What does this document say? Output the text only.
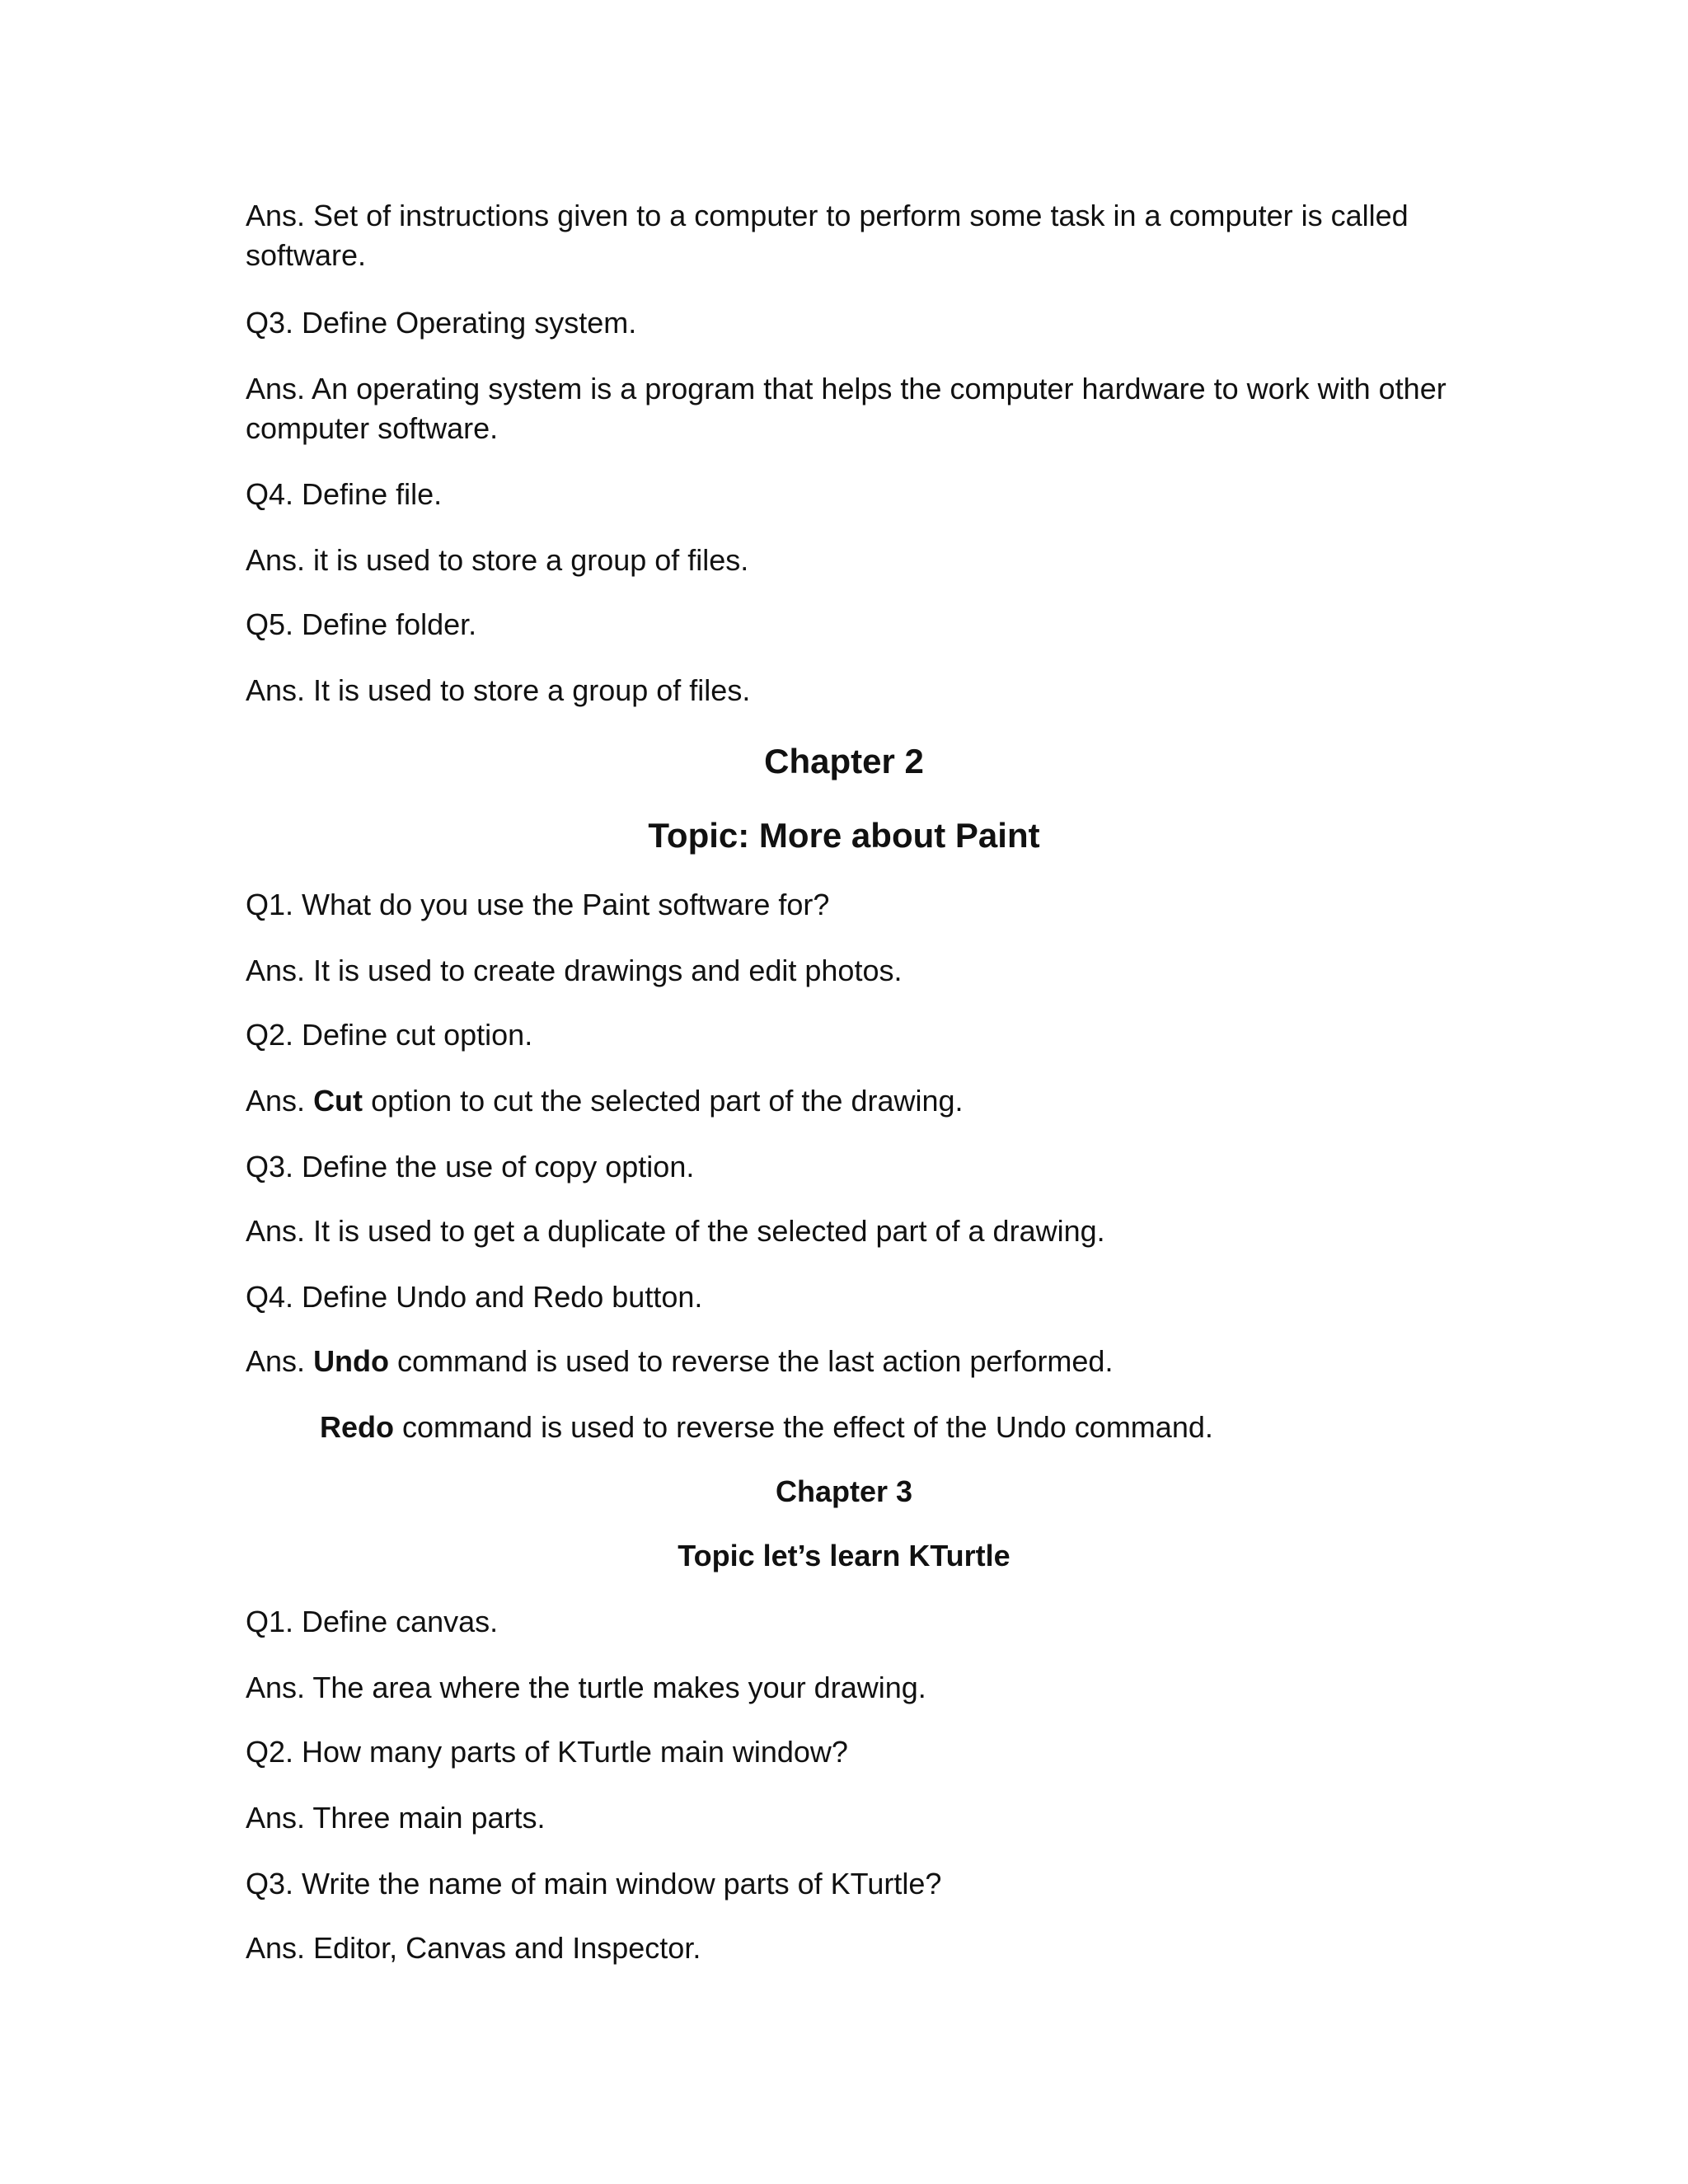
Ans. Set of instructions given to a computer to perform some task in a computer is called software.
Q3. Define Operating system.
Ans. An operating system is a program that helps the computer hardware to work with other computer software.
Q4. Define file.
Ans. it is used to store a group of files.
Q5. Define folder.
Ans. It is used to store a group of files.
Chapter 2
Topic: More about Paint
Q1. What do you use the Paint software for?
Ans. It is used to create drawings and edit photos.
Q2. Define cut option.
Ans. Cut option to cut the selected part of the drawing.
Q3. Define the use of copy option.
Ans. It is used to get a duplicate of the selected part of a drawing.
Q4. Define Undo and Redo button.
Ans. Undo command is used to reverse the last action performed.
Redo command is used to reverse the effect of the Undo command.
Chapter 3
Topic let’s learn KTurtle
Q1. Define canvas.
Ans. The area where the turtle makes your drawing.
Q2. How many parts of KTurtle main window?
Ans. Three main parts.
Q3. Write the name of main window parts of KTurtle?
Ans. Editor, Canvas and Inspector.
